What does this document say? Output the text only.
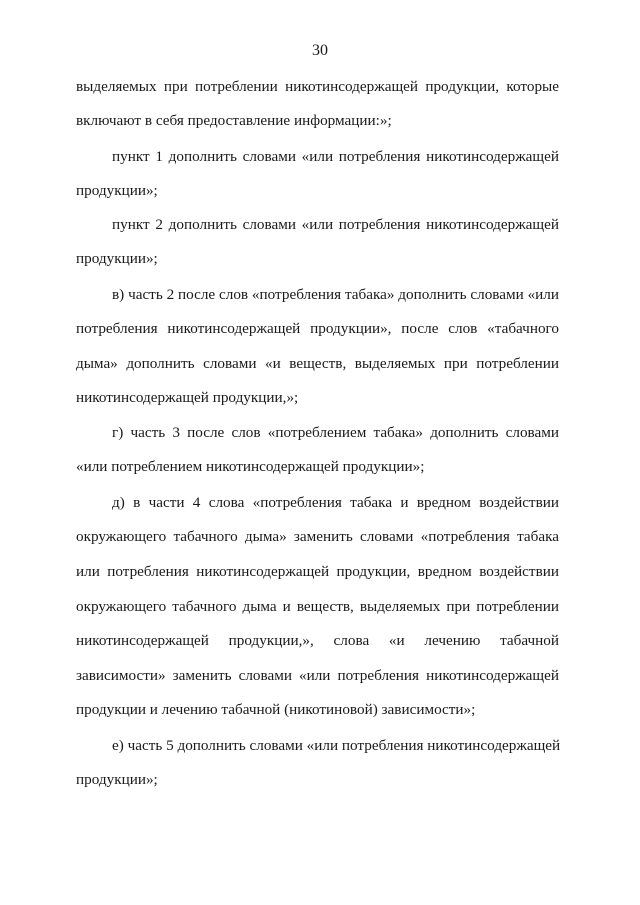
30
выделяемых при потреблении никотинсодержащей продукции, которые
включают в себя предоставление информации:»;
пункт 1 дополнить словами «или потребления никотинсодержащей
продукции»;
пункт 2 дополнить словами «или потребления никотинсодержащей
продукции»;
в) часть 2 после слов «потребления табака» дополнить словами «или
потребления никотинсодержащей продукции», после слов «табачного
дыма» дополнить словами «и веществ, выделяемых при потреблении
никотинсодержащей продукции,»;
г) часть 3 после слов «потреблением табака» дополнить словами
«или потреблением никотинсодержащей продукции»;
д) в части 4 слова «потребления табака и вредном воздействии
окружающего табачного дыма» заменить словами «потребления табака
или потребления никотинсодержащей продукции, вредном воздействии
окружающего табачного дыма и веществ, выделяемых при потреблении
никотинсодержащей продукции,», слова «и лечению табачной
зависимости» заменить словами «или потребления никотинсодержащей
продукции и лечению табачной (никотиновой) зависимости»;
е) часть 5 дополнить словами «или потребления никотинсодержащей
продукции»;
